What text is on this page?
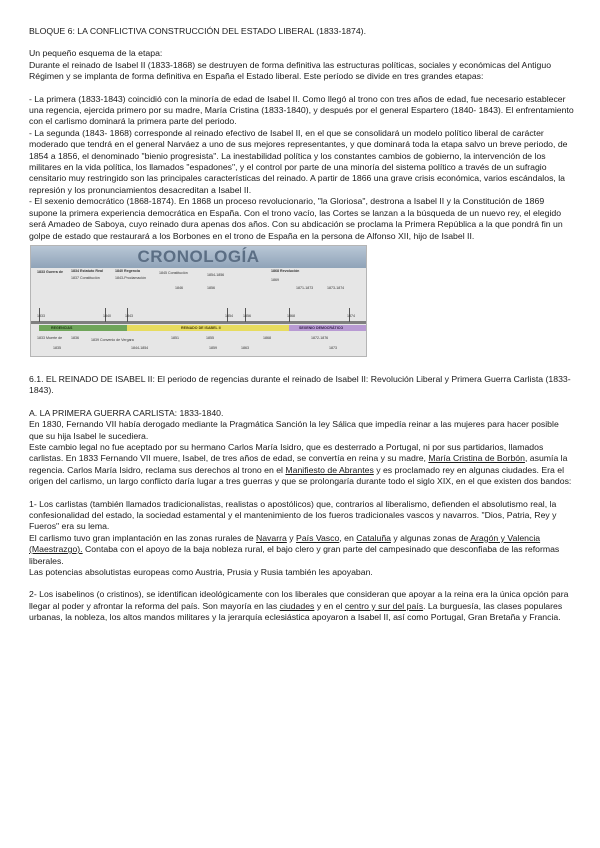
BLOQUE 6: LA CONFLICTIVA CONSTRUCCIÓN DEL ESTADO LIBERAL (1833-1874).

Un pequeño esquema de la etapa:

Durante el reinado de Isabel II (1833-1868) se destruyen de forma definitiva las estructuras políticas, sociales y económicas del Antiguo Régimen y se implanta de forma definitiva en España el Estado liberal. Este período se divide en tres grandes etapas:

- La primera (1833-1843) coincidió con la minoría de edad de Isabel II. Como llegó al trono con tres años de edad, fue necesario establecer una regencia, ejercida primero por su madre, María Cristina (1833-1840), y después por el general Espartero (1840- 1843). El enfrentamiento con el carlismo dominará la primera parte del periodo.

- La segunda (1843- 1868) corresponde al reinado efectivo de Isabel II, en el que se consolidará un modelo político liberal de carácter moderado que tendrá en el general Narváez a uno de sus mejores representantes, y que dominará toda la etapa salvo un breve periodo, de 1854 a 1856, el denominado "bienio progresista". La inestabilidad política y los constantes cambios de gobierno, la intervención de los militares en la vida política, los llamados "espadones", y el control por parte de una minoría del sistema político a través de un sufragio censitario muy restringido son las principales características del reinado. A partir de 1866 una grave crisis económica, varios escándalos, la represión y los pronunciamientos desacreditan a Isabel II.

- El sexenio democrático (1868-1874). En 1868 un proceso revolucionario, "la Gloriosa", destrona a Isabel II y la Constitución de 1869 supone la primera experiencia democrática en España. Con el trono vacío, las Cortes se lanzan a la búsqueda de un nuevo rey, el elegido será Amadeo de Saboya, cuyo reinado dura apenas dos años. Con su abdicación se proclama la Primera República a la que pondrá fin un golpe de estado que restaurará a los Borbones en el trono de España en la persona de Alfonso XII, hijo de Isabel II.

CRONOLOGÍA
1833 Guerra de 1834 Estatuto Real
1837 Constitución
1840 Regencia
1843-Proclamación
1845 Constitución
1846
1854-1856
1856
1868 Revolución
1869
1871-1873	1873-1874
1833	1840	1843	1854	1856	1868	1874
REGENCIAS	REINADO DE ISABEL II	SEXENIO DEMOCRÁTICO
1833 Muerte de
1835
1836	1839 Convenio de Vergara
1844-1854
1851	1855
1859	1863
1868	1872-1876
1873

6.1. EL REINADO DE ISABEL II: El periodo de regencias durante el reinado de Isabel II: Revolución Liberal y Primera Guerra Carlista (1833-1843).

A. LA PRIMERA GUERRA CARLISTA: 1833-1840.

En 1830, Fernando VII había derogado mediante la Pragmática Sanción la ley Sálica que impedía reinar a las mujeres para hacer posible que su hija Isabel le sucediera.

Este cambio legal no fue aceptado por su hermano Carlos María Isidro, que es desterrado a Portugal, ni por sus partidarios, llamados carlistas. En 1833 Fernando VII muere, Isabel, de tres años de edad, se convertía en reina y su madre, María Cristina de Borbón, asumía la regencia. Carlos María Isidro, reclama sus derechos al trono en el Manifiesto de Abrantes y es proclamado rey en algunas ciudades. Era el origen del carlismo, un largo conflicto daría lugar a tres guerras y que se prolongaría durante todo el siglo XIX, en el que existen dos bandos:

1- Los carlistas (también llamados tradicionalistas, realistas o apostólicos) que, contrarios al liberalismo, defienden el absolutismo real, la confesionalidad del estado, la sociedad estamental y el mantenimiento de los fueros tradicionales vascos y navarros. "Dios, Patria, Rey y Fueros" era su lema.

El carlismo tuvo gran implantación en las zonas rurales de Navarra y País Vasco, en Cataluña y algunas zonas de Aragón y Valencia (Maestrazgo). Contaba con el apoyo de la baja nobleza rural, el bajo clero y gran parte del campesinado que desconfiaba de las reformas liberales.

Las potencias absolutistas europeas como Austria, Prusia y Rusia también les apoyaban.

2- Los isabelinos (o cristinos), se identifican ideológicamente con los liberales que consideran que apoyar a la reina era la única opción para llegar al poder y afrontar la reforma del país. Son mayoría en las ciudades y en el centro y sur del país. La burguesía, las clases populares urbanas, la nobleza, los altos mandos militares y la jerarquía eclesiástica apoyaron a Isabel II, así como Portugal, Gran Bretaña y Francia.
